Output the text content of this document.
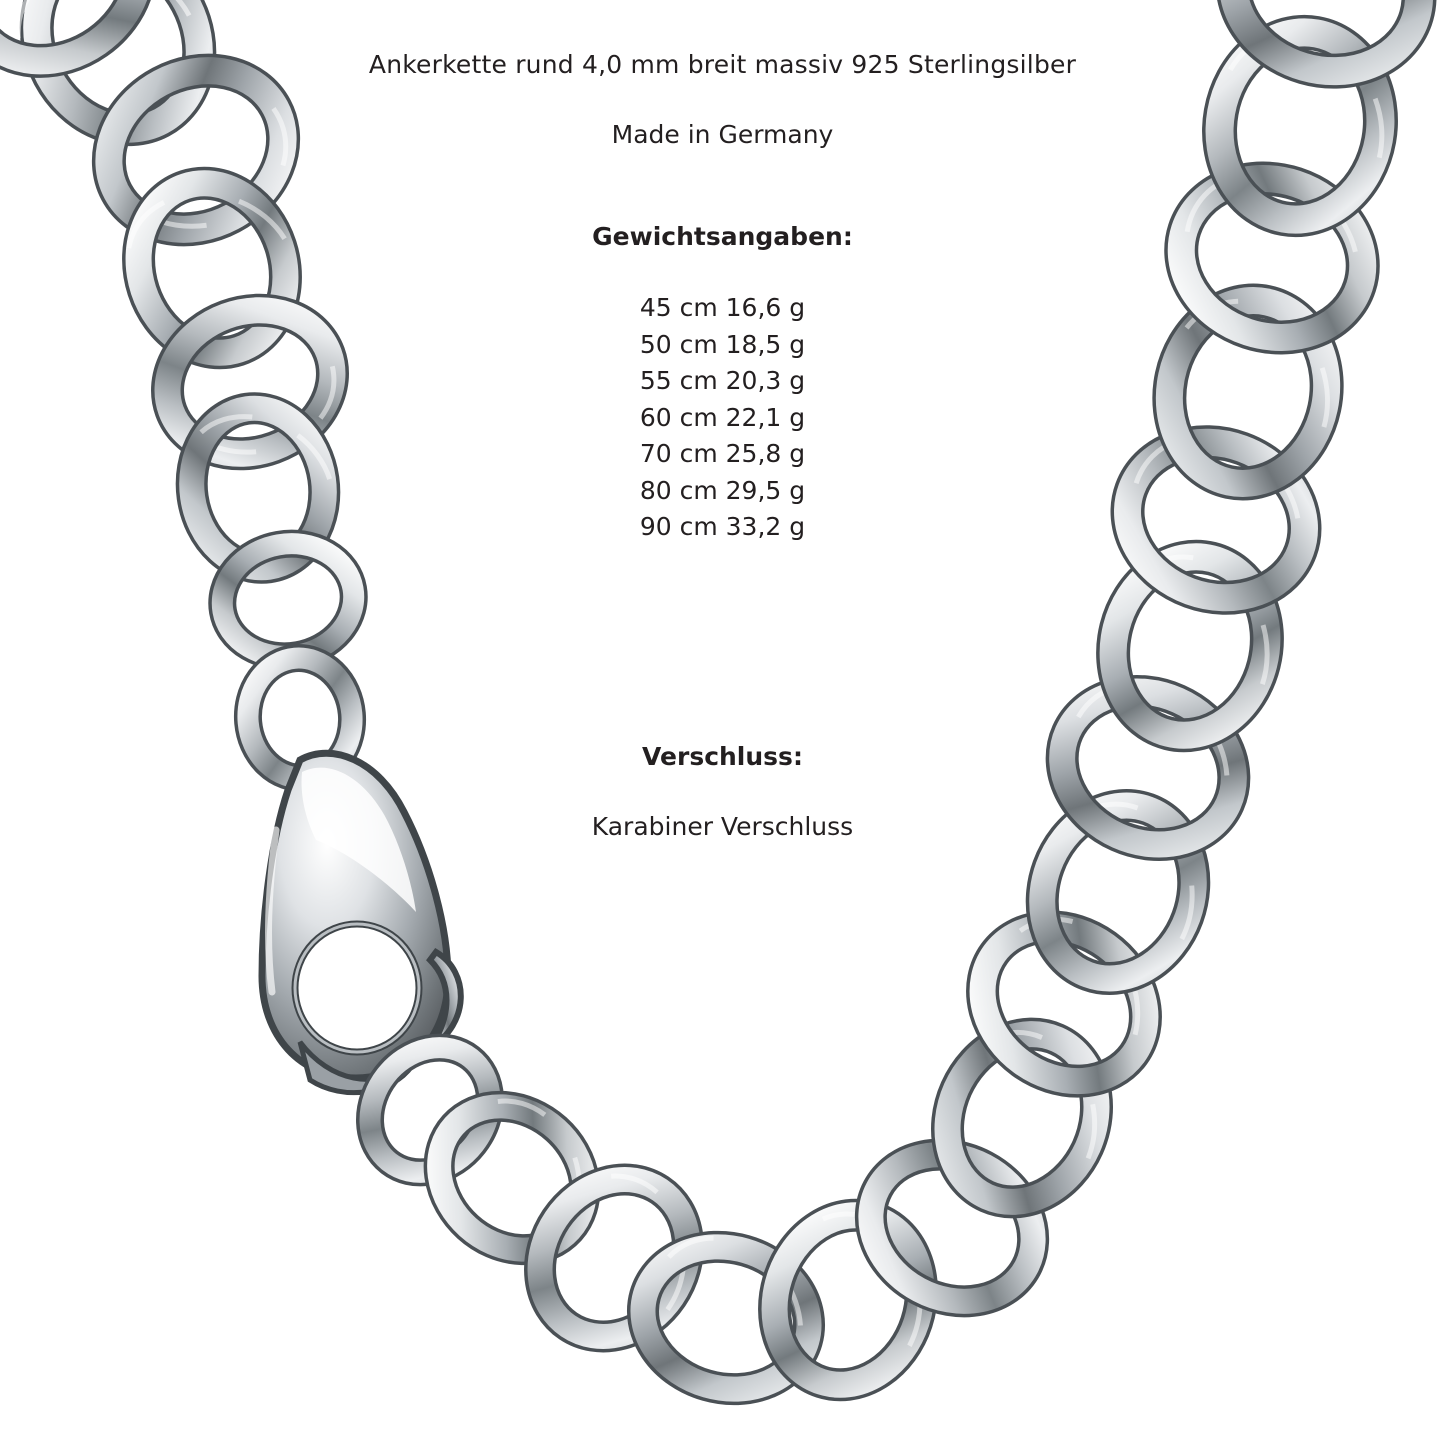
Ankerkette rund 4,0 mm breit massiv 925 Sterlingsilber
Made in Germany
Gewichtsangaben:
45 cm 16,6 g
50 cm 18,5 g
55 cm 20,3 g
60 cm 22,1 g
70 cm 25,8 g
80 cm 29,5 g
90 cm 33,2 g
Verschluss:
Karabiner Verschluss
